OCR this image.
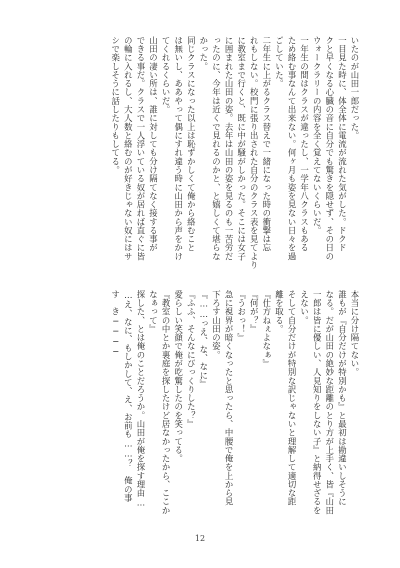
いたのが山田一郎だった。
一目見た時に、体全体に電流が流れた気がした。ドクド
クと早くなる心臓の音に自分でも驚きを隠せず、その日の
ウォークラリーの内容を全く覚えてないくらいだ。
一年生の間はクラスが違ったし、一学年八クラスもある
ため絡む事なんて出来ない。何ヶ月も姿を見ない日々を過
ごしていた。
二年生に上がるクラス替えで一緒になった時の衝撃は忘
れもしない。校門に張り出された自分のクラス表を見てより
に教室まで行くと、既に中が騒がしかった。そこには女子
に囲まれた山田の姿。去年は山田の姿を見るのも一苦労だ
ったのに、今年は近くで見れるのかと、と嬉しくて堪らな
かった。
同じクラスになった以上は恥ずかしくて俺から絡むこと
は無いし、ああやって偶にすれ違う時に山田から声をかけ
てくれるくらいだ。
山田の凄い所は、誰に対しても分け隔てなく接する事が
できる事だ。クラスで一人浮いている奴が居れば直ぐに皆
の輪に入れるし、大人数と絡むのが好きじゃない奴にはサ
シで楽しそうに話したりもしてる。
本当に分け隔てない。
誰もが『自分だけが特別かも』と最初は勘違いしそうに
なる。だが山田の絶妙な距離のとり方が上手く、皆『山田
一郎は皆に優しい、人見知りをしない子』と納得せざるを
えない。
そして自分だけが特別な訳じゃないと理解して適切な距
離を取る。
『仕方ねぇよなぁ』
『何が？』
『うおっ！』
急に視界が暗くなったと思ったら、中腰で俺を上から見
下ろす山田の姿。
『……っえ、な、なに』
『ふふ、そんなにびっくりした？』
愛らしい笑顔で俺が吃驚したのを笑ってる。
『教室の中とか裏庭を探したけど居なかったから、ここか
なぁって』
探した、とは俺のことだろうか。山田が俺を探す理由…
…え、なに、もしかして、え、お前も……？　俺の事
す　き────
12
